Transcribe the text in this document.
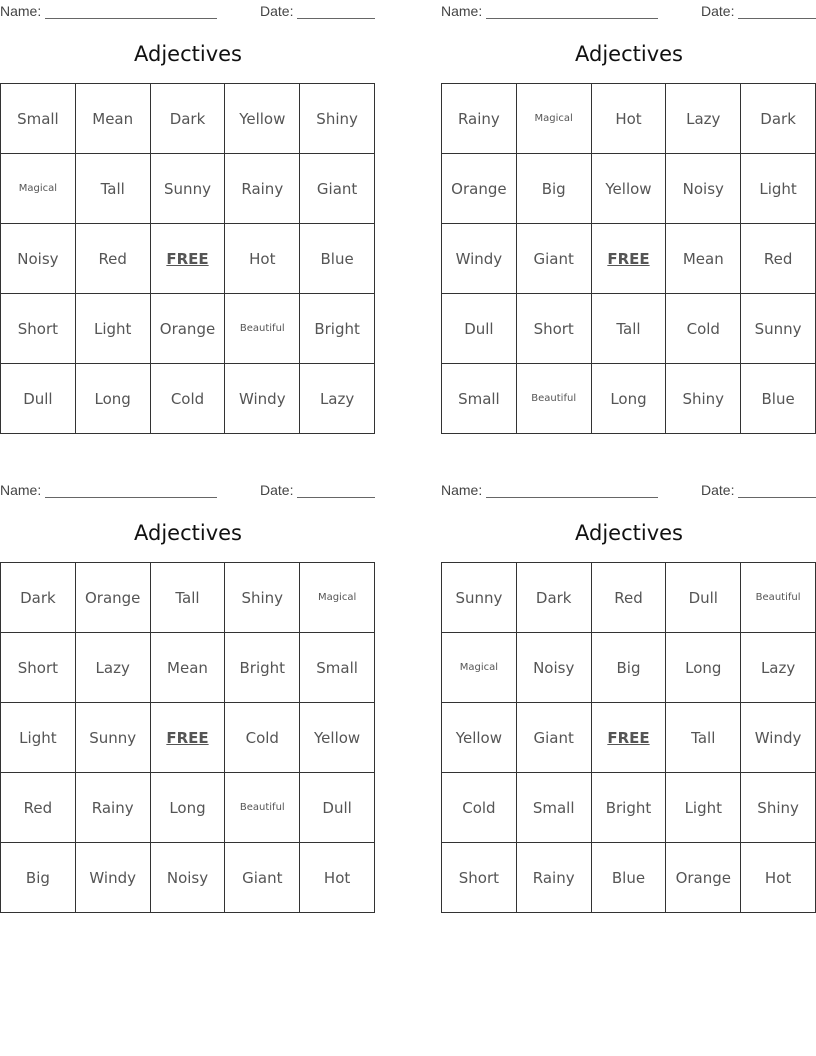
Name:	Date:
Adjectives
Small	Mean	Dark	Yellow	Shiny
Magical	Tall	Sunny	Rainy	Giant
Noisy	Red	FREE	Hot	Blue
Short	Light	Orange	Beautiful	Bright
Dull	Long	Cold	Windy	Lazy
Name:	Date:
Adjectives
Rainy	Magical	Hot	Lazy	Dark
Orange	Big	Yellow	Noisy	Light
Windy	Giant	FREE	Mean	Red
Dull	Short	Tall	Cold	Sunny
Small	Beautiful	Long	Shiny	Blue
Name:	Date:
Adjectives
Dark	Orange	Tall	Shiny	Magical
Short	Lazy	Mean	Bright	Small
Light	Sunny	FREE	Cold	Yellow
Red	Rainy	Long	Beautiful	Dull
Big	Windy	Noisy	Giant	Hot
Name:	Date:
Adjectives
Sunny	Dark	Red	Dull	Beautiful
Magical	Noisy	Big	Long	Lazy
Yellow	Giant	FREE	Tall	Windy
Cold	Small	Bright	Light	Shiny
Short	Rainy	Blue	Orange	Hot
